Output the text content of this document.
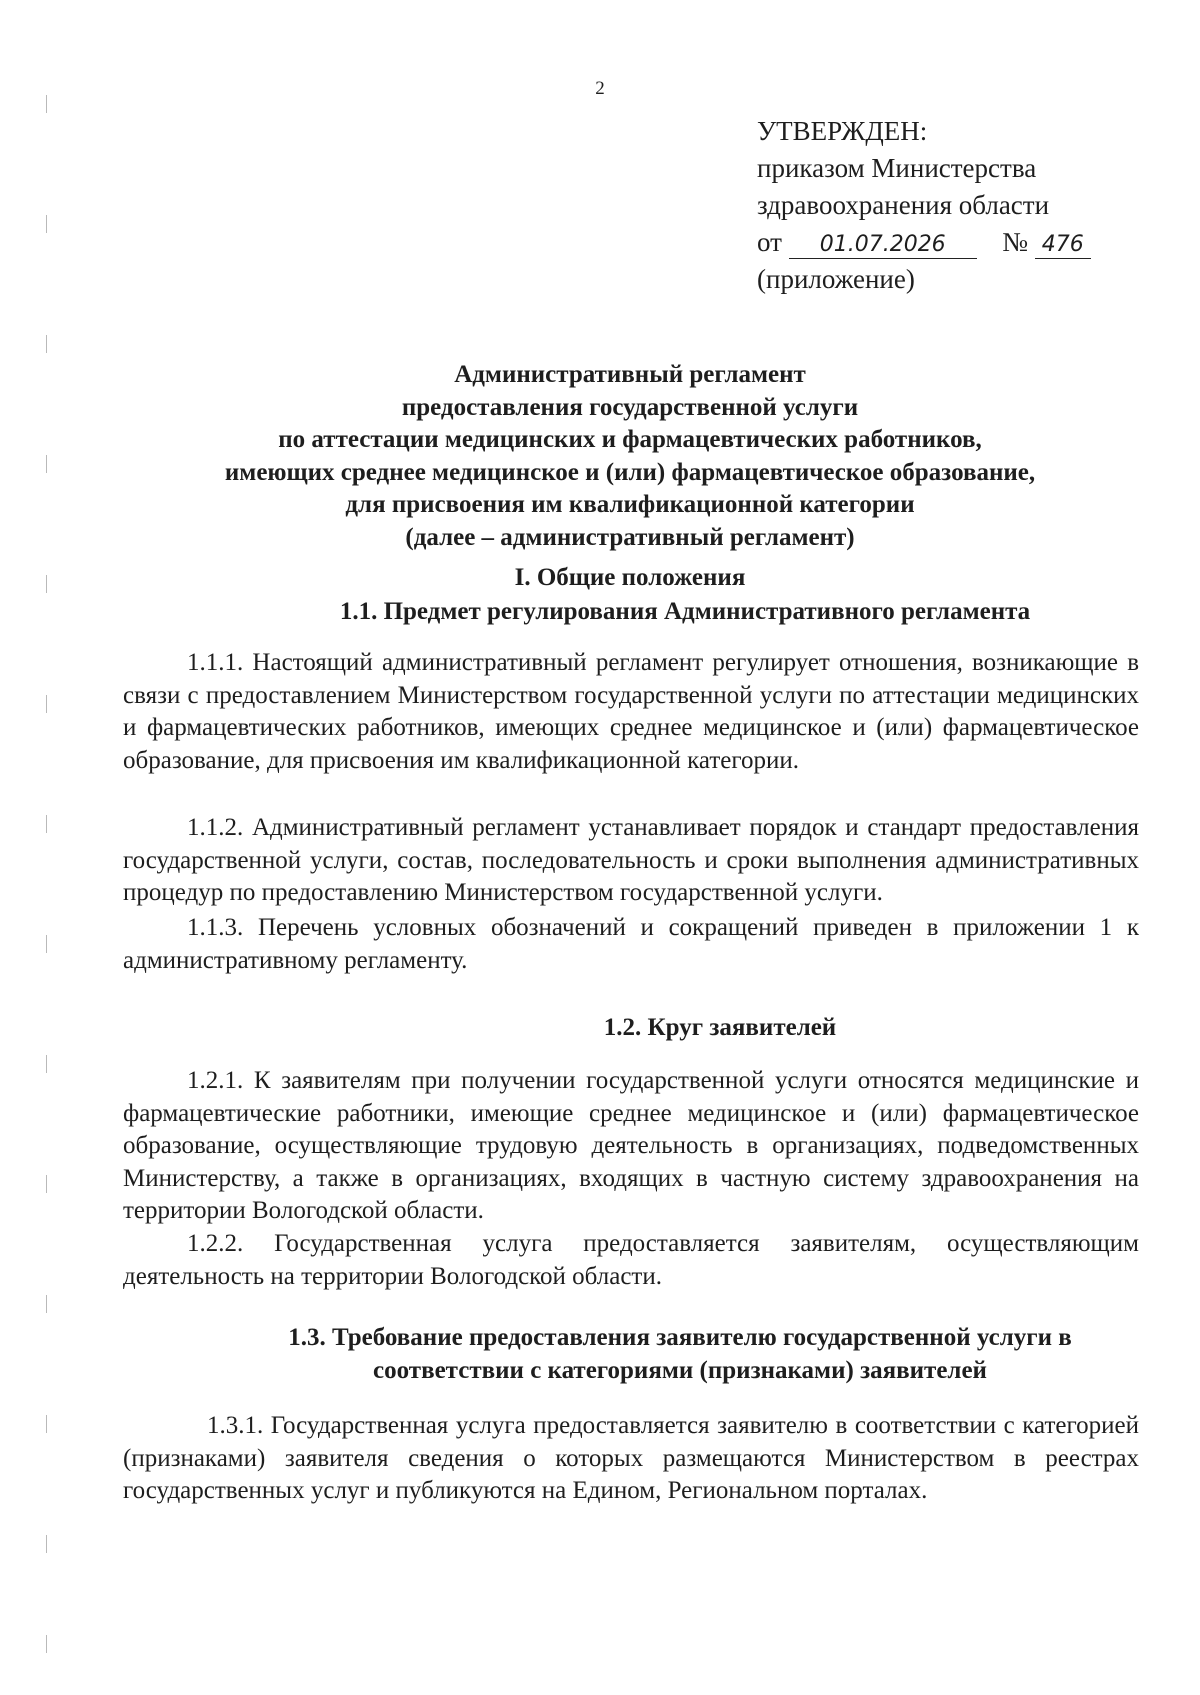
2
УТВЕРЖДЕН:
приказом Министерства
здравоохранения области
от 01.07.2026 № 476
(приложение)
Административный регламент
предоставления государственной услуги
по аттестации медицинских и фармацевтических работников,
имеющих среднее медицинское и (или) фармацевтическое образование,
для присвоения им квалификационной категории
(далее – административный регламент)
I. Общие положения
1.1. Предмет регулирования Административного регламента
1.1.1. Настоящий административный регламент регулирует отношения, возникающие в связи с предоставлением Министерством государственной услуги по аттестации медицинских и фармацевтических работников, имеющих среднее медицинское и (или) фармацевтическое образование, для присвоения им квалификационной категории.
1.1.2. Административный регламент устанавливает порядок и стандарт предоставления государственной услуги, состав, последовательность и сроки выполнения административных процедур по предоставлению Министерством государственной услуги.
1.1.3. Перечень условных обозначений и сокращений приведен в приложении 1 к административному регламенту.
1.2. Круг заявителей
1.2.1. К заявителям при получении государственной услуги относятся медицинские и фармацевтические работники, имеющие среднее медицинское и (или) фармацевтическое образование, осуществляющие трудовую деятельность в организациях, подведомственных Министерству, а также в организациях, входящих в частную систему здравоохранения на территории Вологодской области.
1.2.2. Государственная услуга предоставляется заявителям, осуществляющим деятельность на территории Вологодской области.
1.3. Требование предоставления заявителю государственной услуги в
соответствии с категориями (признаками) заявителей
1.3.1. Государственная услуга предоставляется заявителю в соответствии с категорией (признаками) заявителя сведения о которых размещаются Министерством в реестрах государственных услуг и публикуются на Едином, Региональном порталах.
